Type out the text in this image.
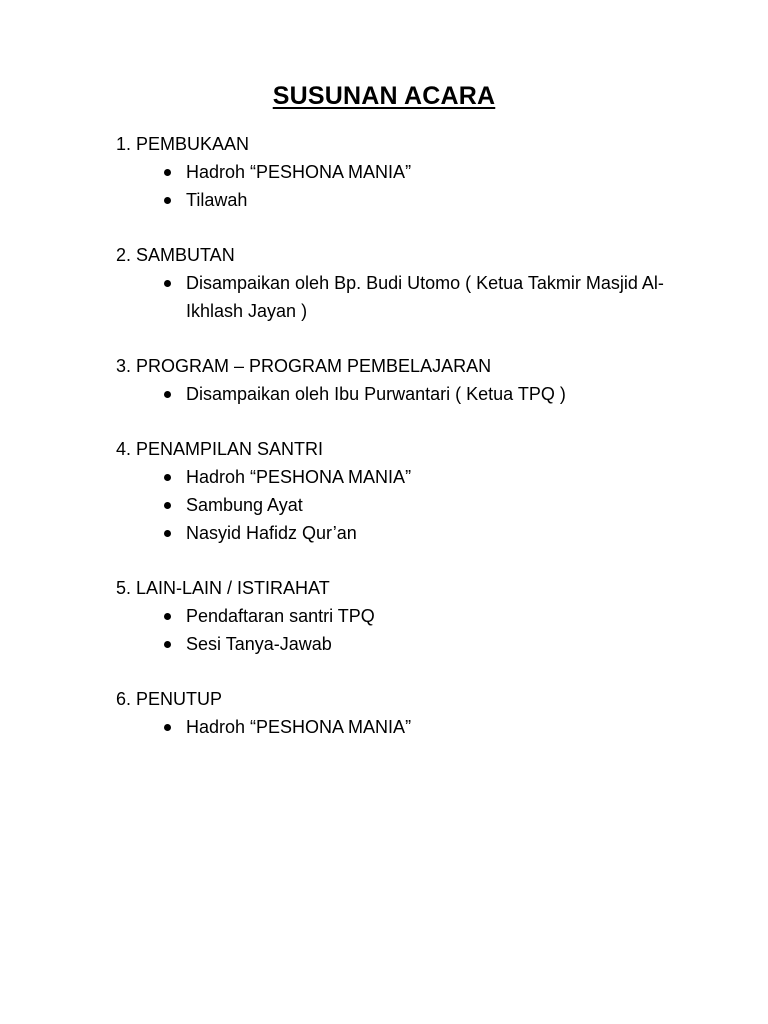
SUSUNAN ACARA
1. PEMBUKAAN
Hadroh “PESHONA MANIA”
Tilawah
2. SAMBUTAN
Disampaikan oleh Bp. Budi Utomo ( Ketua Takmir Masjid Al-Ikhlash Jayan )
3. PROGRAM – PROGRAM PEMBELAJARAN
Disampaikan oleh Ibu Purwantari ( Ketua TPQ )
4. PENAMPILAN SANTRI
Hadroh “PESHONA MANIA”
Sambung Ayat
Nasyid Hafidz Qur’an
5. LAIN-LAIN / ISTIRAHAT
Pendaftaran santri TPQ
Sesi Tanya-Jawab
6. PENUTUP
Hadroh “PESHONA MANIA”
